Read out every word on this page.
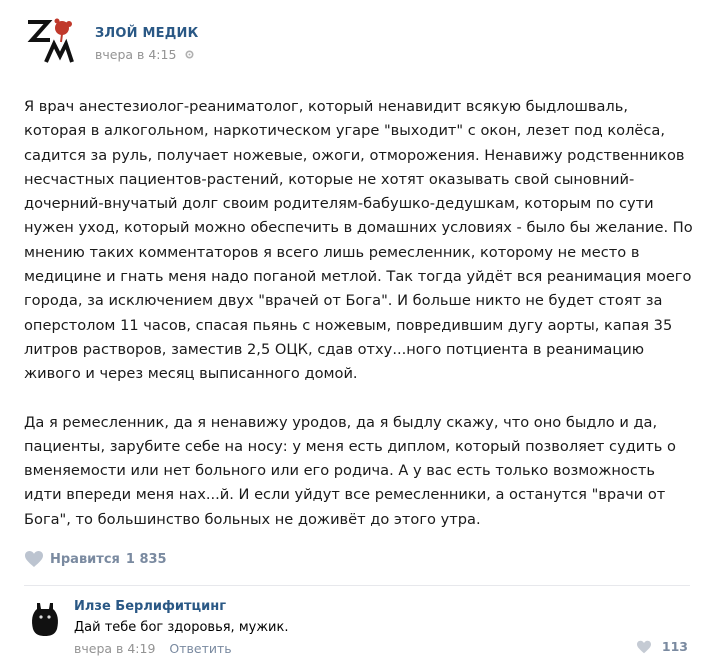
ЗЛОЙ МЕДИК
вчера в 4:15

Я врач анестезиолог-реаниматолог, который ненавидит всякую быдлошваль, которая в алкогольном, наркотическом угаре "выходит" с окон, лезет под колёса, садится за руль, получает ножевые, ожоги, отморожения. Ненавижу родственников несчастных пациентов-растений, которые не хотят оказывать свой сыновний-дочерний-внучатый долг своим родителям-бабушко-дедушкам, которым по сути нужен уход, который можно обеспечить в домашних условиях - было бы желание. По мнению таких комментаторов я всего лишь ремесленник, которому не место в медицине и гнать меня надо поганой метлой. Так тогда уйдёт вся реанимация моего города, за исключением двух "врачей от Бога". И больше никто не будет стоят за оперстолом 11 часов, спасая пьянь с ножевым, повредившим дугу аорты, капая 35 литров растворов, заместив 2,5 ОЦК, сдав отху...ного потциента в реанимацию живого и через месяц выписанного домой.

Да я ремесленник, да я ненавижу уродов, да я быдлу скажу, что оно быдло и да, пациенты, зарубите себе на носу: у меня есть диплом, который позволяет судить о вменяемости или нет больного или его родича. А у вас есть только возможность идти впереди меня нах...й. И если уйдут все ремесленники, а останутся "врачи от Бога", то большинство больных не доживёт до этого утра.

Нравится 1 835
Илзе Берлифитцинг
Дай тебе бог здоровья, мужик.
вчера в 4:19 Ответить	113
